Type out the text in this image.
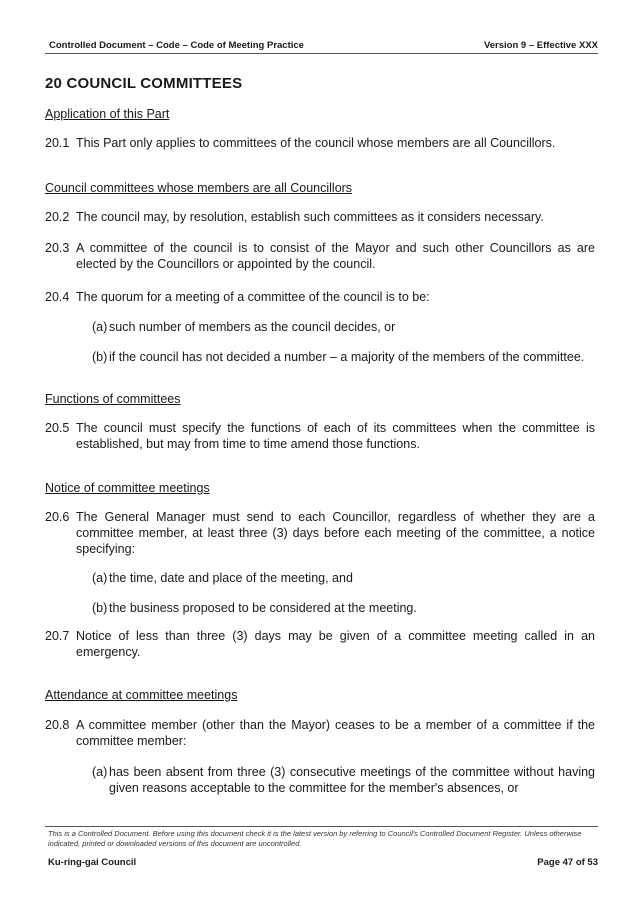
Controlled Document – Code – Code of Meeting Practice	Version 9 – Effective XXX
20 COUNCIL COMMITTEES
Application of this Part
20.1 This Part only applies to committees of the council whose members are all Councillors.
Council committees whose members are all Councillors
20.2 The council may, by resolution, establish such committees as it considers necessary.
20.3 A committee of the council is to consist of the Mayor and such other Councillors as are elected by the Councillors or appointed by the council.
20.4 The quorum for a meeting of a committee of the council is to be:
(a) such number of members as the council decides, or
(b) if the council has not decided a number – a majority of the members of the committee.
Functions of committees
20.5 The council must specify the functions of each of its committees when the committee is established, but may from time to time amend those functions.
Notice of committee meetings
20.6 The General Manager must send to each Councillor, regardless of whether they are a committee member, at least three (3) days before each meeting of the committee, a notice specifying:
(a) the time, date and place of the meeting, and
(b) the business proposed to be considered at the meeting.
20.7 Notice of less than three (3) days may be given of a committee meeting called in an emergency.
Attendance at committee meetings
20.8 A committee member (other than the Mayor) ceases to be a member of a committee if the committee member:
(a) has been absent from three (3) consecutive meetings of the committee without having given reasons acceptable to the committee for the member's absences, or
This is a Controlled Document. Before using this document check it is the latest version by referring to Council's Controlled Document Register. Unless otherwise indicated, printed or downloaded versions of this document are uncontrolled.
Ku-ring-gai Council	Page 47 of 53
